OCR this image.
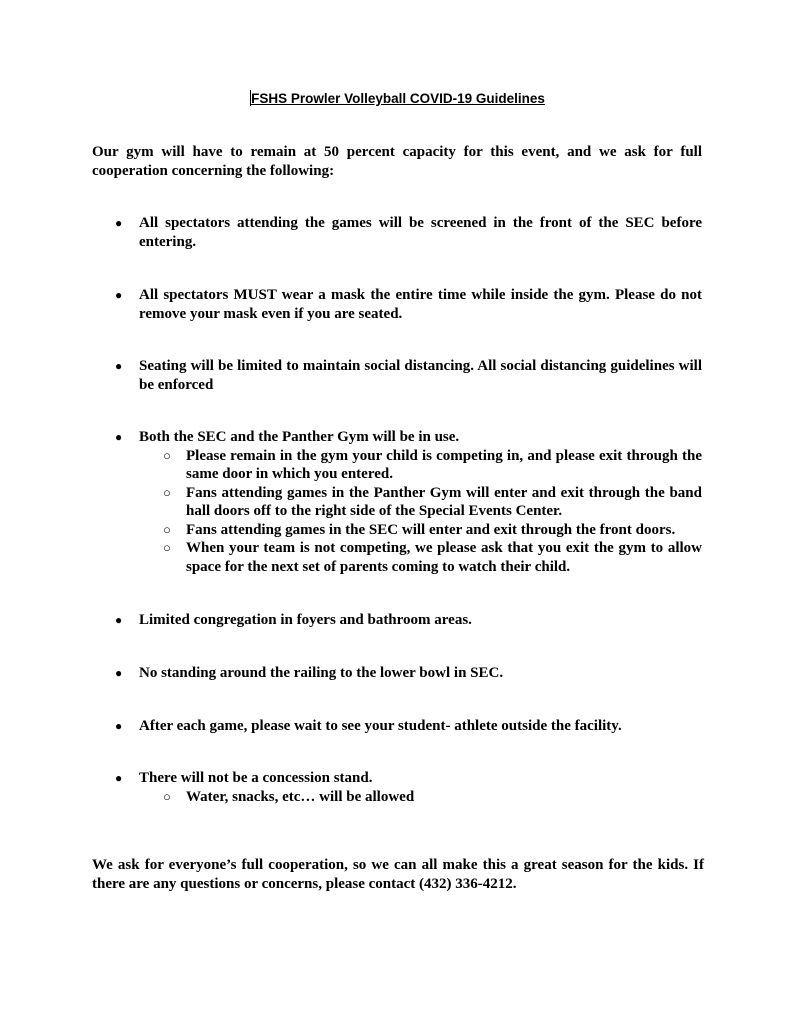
FSHS Prowler Volleyball COVID-19 Guidelines
Our gym will have to remain at 50 percent capacity for this event, and we ask for full cooperation concerning the following:
● All spectators attending the games will be screened in the front of the SEC before entering.
● All spectators MUST wear a mask the entire time while inside the gym. Please do not remove your mask even if you are seated.
● Seating will be limited to maintain social distancing. All social distancing guidelines will be enforced
● Both the SEC and the Panther Gym will be in use.
○ Please remain in the gym your child is competing in, and please exit through the same door in which you entered.
○ Fans attending games in the Panther Gym will enter and exit through the band hall doors off to the right side of the Special Events Center.
○ Fans attending games in the SEC will enter and exit through the front doors.
○ When your team is not competing, we please ask that you exit the gym to allow space for the next set of parents coming to watch their child.
● Limited congregation in foyers and bathroom areas.
● No standing around the railing to the lower bowl in SEC.
● After each game, please wait to see your student- athlete outside the facility.
● There will not be a concession stand.
○ Water, snacks, etc… will be allowed
We ask for everyone’s full cooperation, so we can all make this a great season for the kids. If there are any questions or concerns, please contact (432) 336-4212.
